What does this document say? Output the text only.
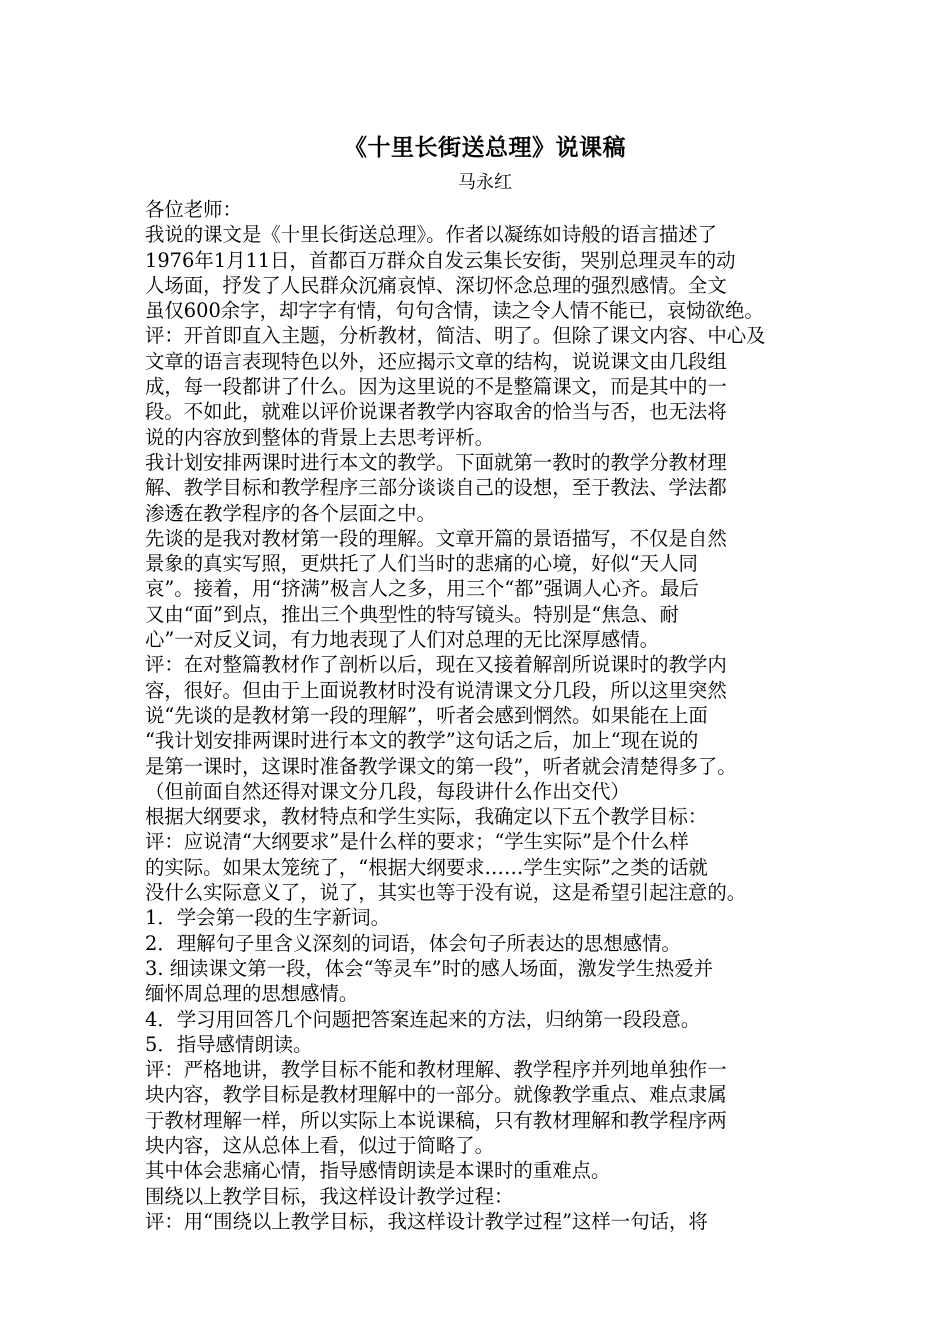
《十里长街送总理》说课稿
马永红

各位老师：

我说的课文是《十里长街送总理》。作者以凝练如诗般的语言描述了
1976年1月11日，首都百万群众自发云集长安街，哭别总理灵车的动
人场面，抒发了人民群众沉痛哀悼、深切怀念总理的强烈感情。全文
虽仅600余字，却字字有情，句句含情，读之令人情不能已，哀恸欲绝。

评：开首即直入主题，分析教材，简洁、明了。但除了课文内容、中心及
文章的语言表现特色以外，还应揭示文章的结构，说说课文由几段组
成，每一段都讲了什么。因为这里说的不是整篇课文，而是其中的一
段。不如此，就难以评价说课者教学内容取舍的恰当与否，也无法将
说的内容放到整体的背景上去思考评析。

我计划安排两课时进行本文的教学。下面就第一教时的教学分教材理
解、教学目标和教学程序三部分谈谈自己的设想，至于教法、学法都
渗透在教学程序的各个层面之中。

先谈的是我对教材第一段的理解。文章开篇的景语描写，不仅是自然
景象的真实写照，更烘托了人们当时的悲痛的心境，好似“天人同
哀”。接着，用“挤满”极言人之多，用三个“都”强调人心齐。最后
又由“面”到点，推出三个典型性的特写镜头。特别是“焦急、耐
心”一对反义词，有力地表现了人们对总理的无比深厚感情。

评：在对整篇教材作了剖析以后，现在又接着解剖所说课时的教学内
容，很好。但由于上面说教材时没有说清课文分几段，所以这里突然
说“先谈的是教材第一段的理解”，听者会感到惘然。如果能在上面
“我计划安排两课时进行本文的教学”这句话之后，加上“现在说的
是第一课时，这课时准备教学课文的第一段”，听者就会清楚得多了。
（但前面自然还得对课文分几段，每段讲什么作出交代）

根据大纲要求，教材特点和学生实际，我确定以下五个教学目标：

评：应说清“大纲要求”是什么样的要求；“学生实际”是个什么样
的实际。如果太笼统了，“根据大纲要求……学生实际”之类的话就
没什么实际意义了，说了，其实也等于没有说，这是希望引起注意的。

1．学会第一段的生字新词。

2．理解句子里含义深刻的词语，体会句子所表达的思想感情。

3. 细读课文第一段，体会“等灵车”时的感人场面，激发学生热爱并
缅怀周总理的思想感情。

4．学习用回答几个问题把答案连起来的方法，归纳第一段段意。

5．指导感情朗读。

评：严格地讲，教学目标不能和教材理解、教学程序并列地单独作一
块内容，教学目标是教材理解中的一部分。就像教学重点、难点隶属
于教材理解一样，所以实际上本说课稿，只有教材理解和教学程序两
块内容，这从总体上看，似过于简略了。

其中体会悲痛心情，指导感情朗读是本课时的重难点。

围绕以上教学目标，我这样设计教学过程：

评：用“围绕以上教学目标，我这样设计教学过程”这样一句话，将
